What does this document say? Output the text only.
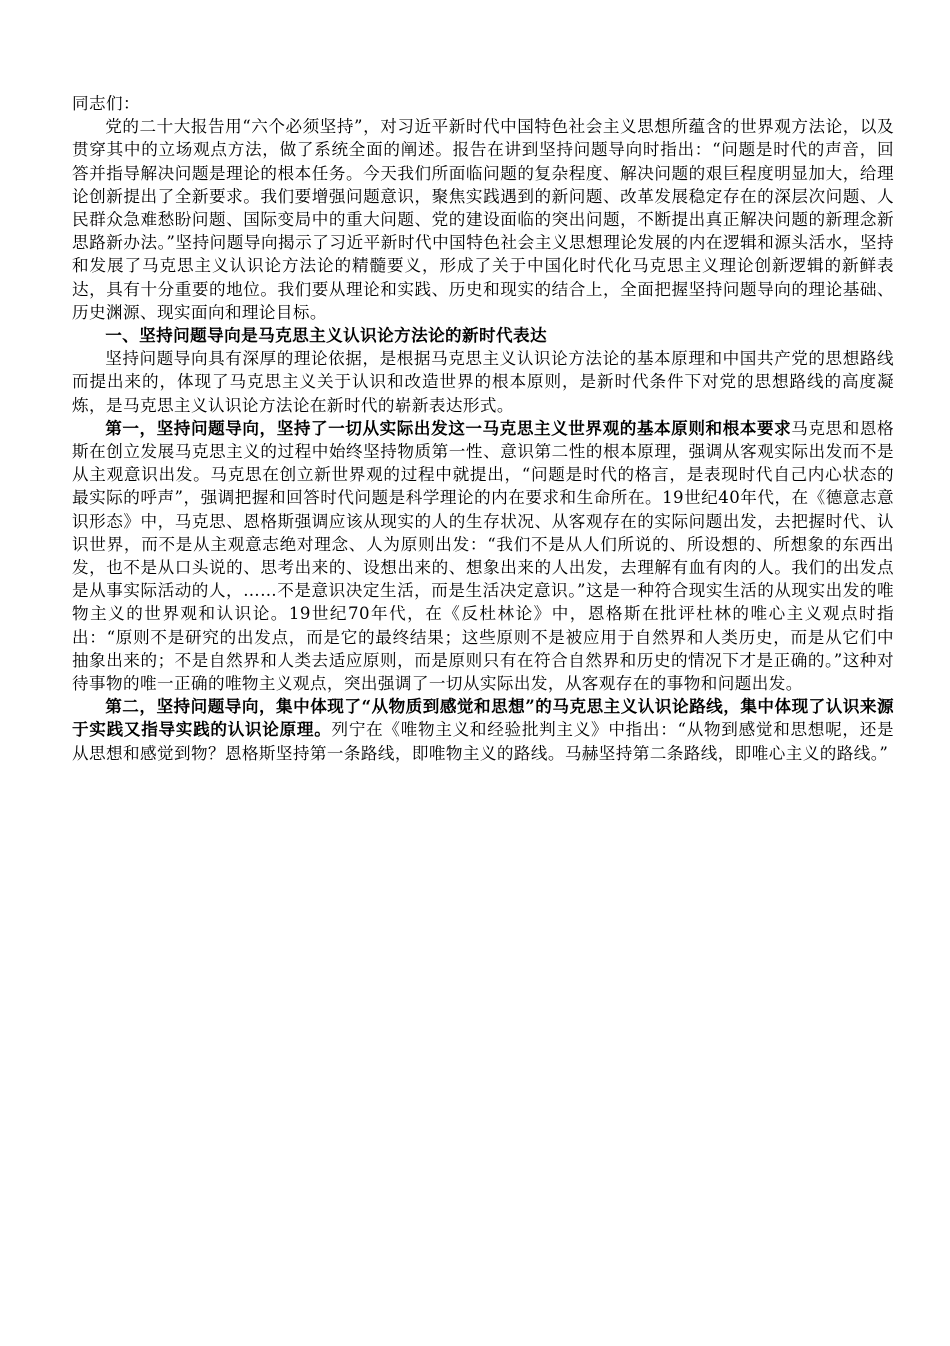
同志们：

党的二十大报告用“六个必须坚持”，对习近平新时代中国特色社会主义思想所蕴含的世界观方法论，以及贯穿其中的立场观点方法，做了系统全面的阐述。报告在讲到坚持问题导向时指出：“问题是时代的声音，回答并指导解决问题是理论的根本任务。今天我们所面临问题的复杂程度、解决问题的艰巨程度明显加大，给理论创新提出了全新要求。我们要增强问题意识，聚焦实践遇到的新问题、改革发展稳定存在的深层次问题、人民群众急难愁盼问题、国际变局中的重大问题、党的建设面临的突出问题，不断提出真正解决问题的新理念新思路新办法。”坚持问题导向揭示了习近平新时代中国特色社会主义思想理论发展的内在逻辑和源头活水，坚持和发展了马克思主义认识论方法论的精髓要义，形成了关于中国化时代化马克思主义理论创新逻辑的新鲜表达，具有十分重要的地位。我们要从理论和实践、历史和现实的结合上，全面把握坚持问题导向的理论基础、历史渊源、现实面向和理论目标。

一、坚持问题导向是马克思主义认识论方法论的新时代表达

坚持问题导向具有深厚的理论依据，是根据马克思主义认识论方法论的基本原理和中国共产党的思想路线而提出来的，体现了马克思主义关于认识和改造世界的根本原则，是新时代条件下对党的思想路线的高度凝炼，是马克思主义认识论方法论在新时代的崭新表达形式。

第一，坚持问题导向，坚持了一切从实际出发这一马克思主义世界观的基本原则和根本要求马克思和恩格斯在创立发展马克思主义的过程中始终坚持物质第一性、意识第二性的根本原理，强调从客观实际出发而不是从主观意识出发。马克思在创立新世界观的过程中就提出，“问题是时代的格言，是表现时代自己内心状态的最实际的呼声”，强调把握和回答时代问题是科学理论的内在要求和生命所在。19世纪40年代，在《德意志意识形态》中，马克思、恩格斯强调应该从现实的人的生存状况、从客观存在的实际问题出发，去把握时代、认识世界，而不是从主观意志绝对理念、人为原则出发：“我们不是从人们所说的、所设想的、所想象的东西出发，也不是从口头说的、思考出来的、设想出来的、想象出来的人出发，去理解有血有肉的人。我们的出发点是从事实际活动的人，……不是意识决定生活，而是生活决定意识。”这是一种符合现实生活的从现实出发的唯物主义的世界观和认识论。19世纪70年代，在《反杜林论》中，恩格斯在批评杜林的唯心主义观点时指出：“原则不是研究的出发点，而是它的最终结果；这些原则不是被应用于自然界和人类历史，而是从它们中抽象出来的；不是自然界和人类去适应原则，而是原则只有在符合自然界和历史的情况下才是正确的。”这种对待事物的唯一正确的唯物主义观点，突出强调了一切从实际出发，从客观存在的事物和问题出发。

第二，坚持问题导向，集中体现了“从物质到感觉和思想”的马克思主义认识论路线，集中体现了认识来源于实践又指导实践的认识论原理。列宁在《唯物主义和经验批判主义》中指出：“从物到感觉和思想呢，还是从思想和感觉到物？恩格斯坚持第一条路线，即唯物主义的路线。马赫坚持第二条路线，即唯心主义的路线。”
